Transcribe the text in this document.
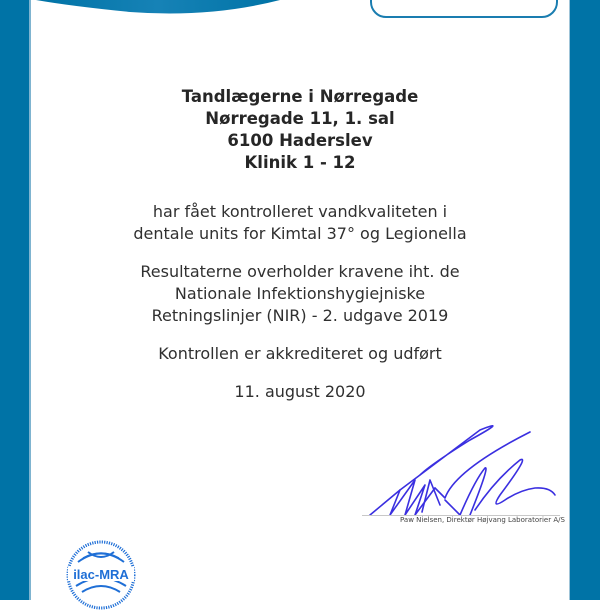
Tandlægerne i Nørregade
Nørregade 11, 1. sal
6100 Haderslev
Klinik 1 - 12
har fået kontrolleret vandkvaliteten i
dentale units for Kimtal 37° og Legionella
Resultaterne overholder kravene iht. de
Nationale Infektionshygiejniske
Retningslinjer (NIR) - 2. udgave 2019
Kontrollen er akkrediteret og udført
11. august 2020
Paw Nielsen, Direktør Højvang Laboratorier A/S
ilac-MRA
